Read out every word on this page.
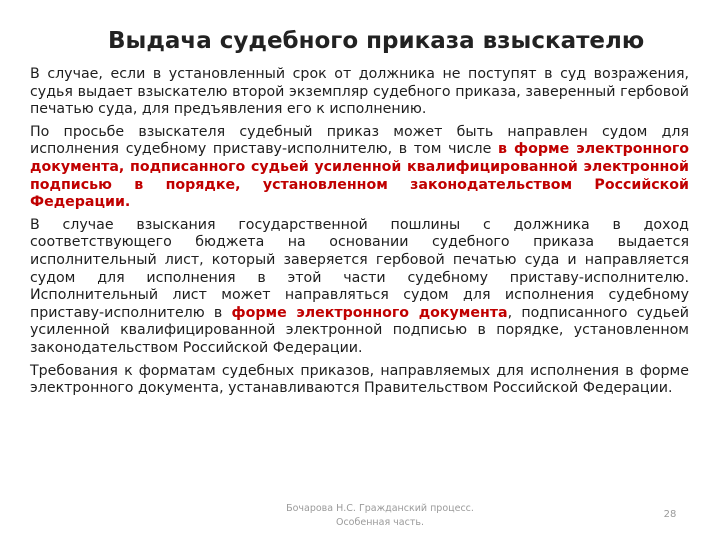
Выдача судебного приказа взыскателю

В случае, если в установленный срок от должника не поступят в суд возражения, судья выдает взыскателю второй экземпляр судебного приказа, заверенный гербовой печатью суда, для предъявления его к исполнению.

По просьбе взыскателя судебный приказ может быть направлен судом для исполнения судебному приставу-исполнителю, в том числе в форме электронного документа, подписанного судьей усиленной квалифицированной электронной подписью в порядке, установленном законодательством Российской Федерации.

В случае взыскания государственной пошлины с должника в доход соответствующего бюджета на основании судебного приказа выдается исполнительный лист, который заверяется гербовой печатью суда и направляется судом для исполнения в этой части судебному приставу-исполнителю. Исполнительный лист может направляться судом для исполнения судебному приставу-исполнителю в форме электронного документа, подписанного судьей усиленной квалифицированной электронной подписью в порядке, установленном законодательством Российской Федерации.

Требования к форматам судебных приказов, направляемых для исполнения в форме электронного документа, устанавливаются Правительством Российской Федерации.

Бочарова Н.С. Гражданский процесс.
Особенная часть.
28
